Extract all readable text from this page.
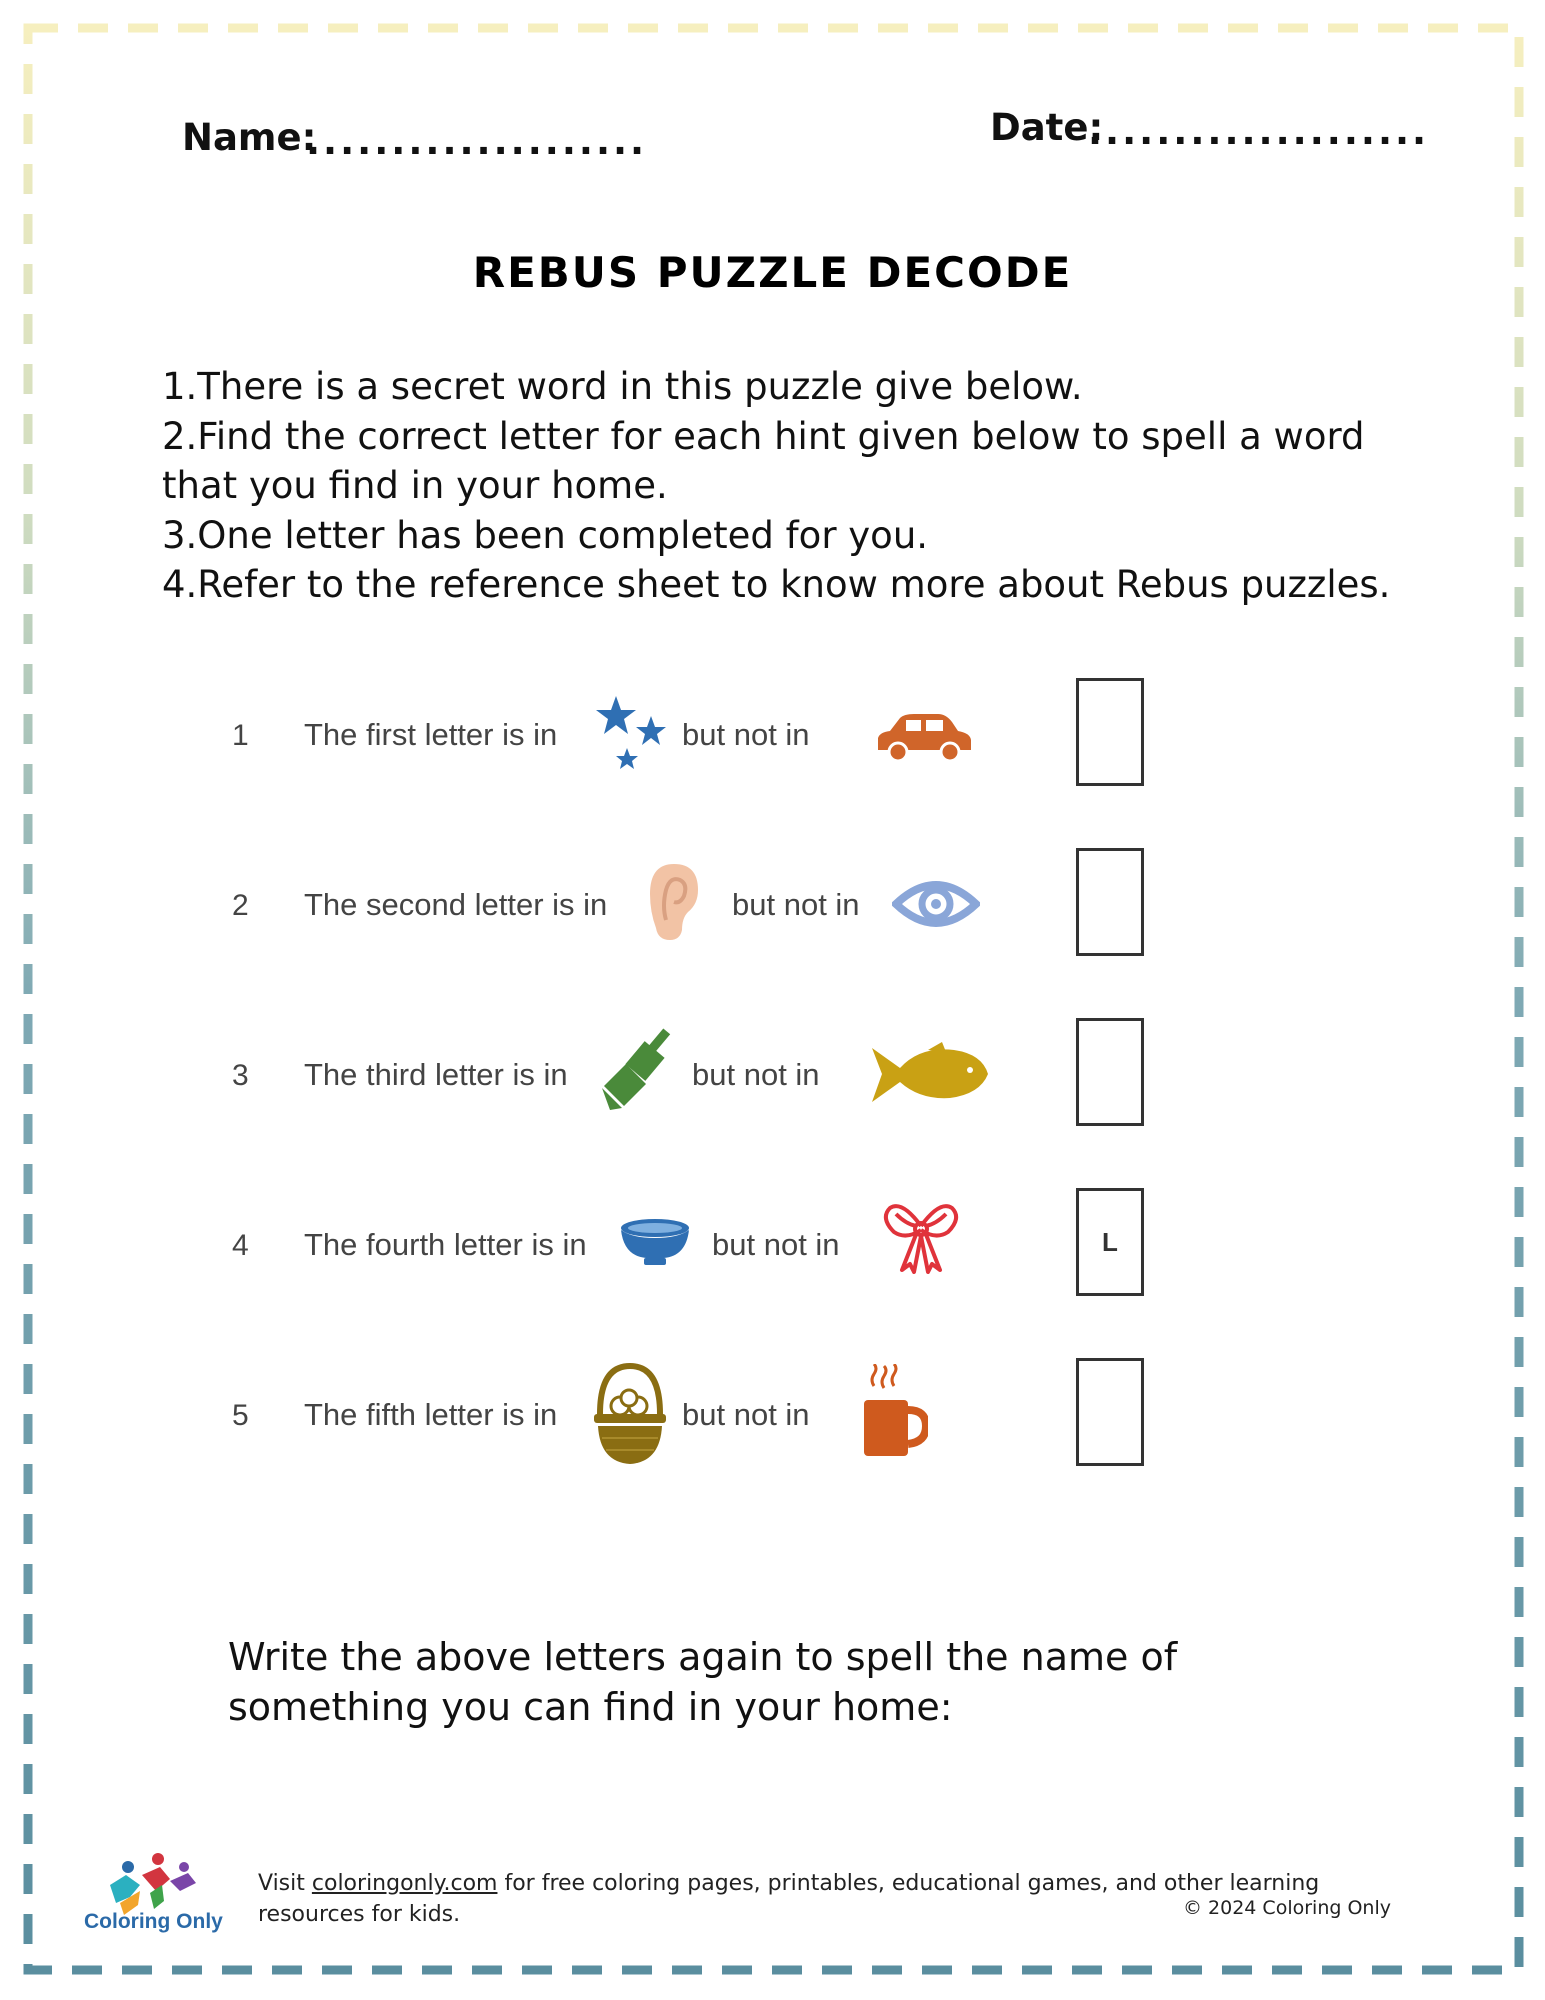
Name:
....................	Date:
....................
REBUS PUZZLE DECODE
1.There is a secret word in this puzzle give below.
2.Find the correct letter for each hint given below to spell a word that you find in your home.
3.One letter has been completed for you.
4.Refer to the reference sheet to know more about Rebus puzzles.
1 The first letter is in	but not in
2 The second letter is in	but not in
3 The third letter is in	but not in
4 The fourth letter is in	but not in	L
5 The fifth letter is in	but not in
Write the above letters again to spell the name of something you can find in your home:
Coloring Only
Visit coloringonly.com for free coloring pages, printables, educational games, and other learning resources for kids.	© 2024 Coloring Only
